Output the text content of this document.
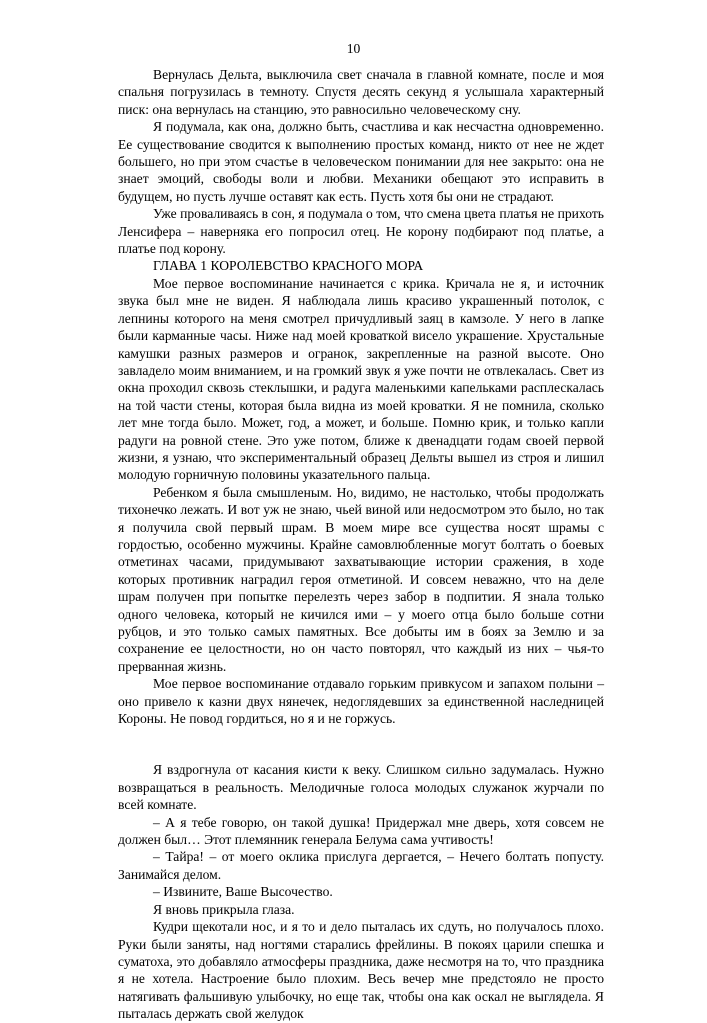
10

Вернулась Дельта, выключила свет сначала в главной комнате, после и моя спальня погрузилась в темноту. Спустя десять секунд я услышала характерный писк: она вернулась на станцию, это равносильно человеческому сну.

Я подумала, как она, должно быть, счастлива и как несчастна одновременно. Ее существование сводится к выполнению простых команд, никто от нее не ждет большего, но при этом счастье в человеческом понимании для нее закрыто: она не знает эмоций, свободы воли и любви. Механики обещают это исправить в будущем, но пусть лучше оставят как есть. Пусть хотя бы они не страдают.

Уже проваливаясь в сон, я подумала о том, что смена цвета платья не прихоть Ленсифера – наверняка его попросил отец. Не корону подбирают под платье, а платье под корону.

ГЛАВА 1 КОРОЛЕВСТВО КРАСНОГО МОРА

Мое первое воспоминание начинается с крика. Кричала не я, и источник звука был мне не виден. Я наблюдала лишь красиво украшенный потолок, с лепнины которого на меня смотрел причудливый заяц в камзоле. У него в лапке были карманные часы. Ниже над моей кроваткой висело украшение. Хрустальные камушки разных размеров и огранок, закрепленные на разной высоте. Оно завладело моим вниманием, и на громкий звук я уже почти не отвлекалась. Свет из окна проходил сквозь стеклышки, и радуга маленькими капельками расплескалась на той части стены, которая была видна из моей кроватки. Я не помнила, сколько лет мне тогда было. Может, год, а может, и больше. Помню крик, и только капли радуги на ровной стене. Это уже потом, ближе к двенадцати годам своей первой жизни, я узнаю, что экспериментальный образец Дельты вышел из строя и лишил молодую горничную половины указательного пальца.

Ребенком я была смышленым. Но, видимо, не настолько, чтобы продолжать тихонечко лежать. И вот уж не знаю, чьей виной или недосмотром это было, но так я получила свой первый шрам. В моем мире все существа носят шрамы с гордостью, особенно мужчины. Крайне самовлюбленные могут болтать о боевых отметинах часами, придумывают захватывающие истории сражения, в ходе которых противник наградил героя отметиной. И совсем неважно, что на деле шрам получен при попытке перелезть через забор в подпитии. Я знала только одного человека, который не кичился ими – у моего отца было больше сотни рубцов, и это только самых памятных. Все добыты им в боях за Землю и за сохранение ее целостности, но он часто повторял, что каждый из них – чья-то прерванная жизнь.

Мое первое воспоминание отдавало горьким привкусом и запахом полыни – оно привело к казни двух нянечек, недоглядевших за единственной наследницей Короны. Не повод гордиться, но я и не горжусь.

Я вздрогнула от касания кисти к веку. Слишком сильно задумалась. Нужно возвращаться в реальность. Мелодичные голоса молодых служанок журчали по всей комнате.

– А я тебе говорю, он такой душка! Придержал мне дверь, хотя совсем не должен был… Этот племянник генерала Белума сама учтивость!

– Тайра! – от моего оклика прислуга дергается, – Нечего болтать попусту. Занимайся делом.

– Извините, Ваше Высочество.

Я вновь прикрыла глаза.

Кудри щекотали нос, и я то и дело пыталась их сдуть, но получалось плохо. Руки были заняты, над ногтями старались фрейлины. В покоях царили спешка и суматоха, это добавляло атмосферы праздника, даже несмотря на то, что праздника я не хотела. Настроение было плохим. Весь вечер мне предстояло не просто натягивать фальшивую улыбочку, но еще так, чтобы она как оскал не выглядела. Я пыталась держать свой желудок
